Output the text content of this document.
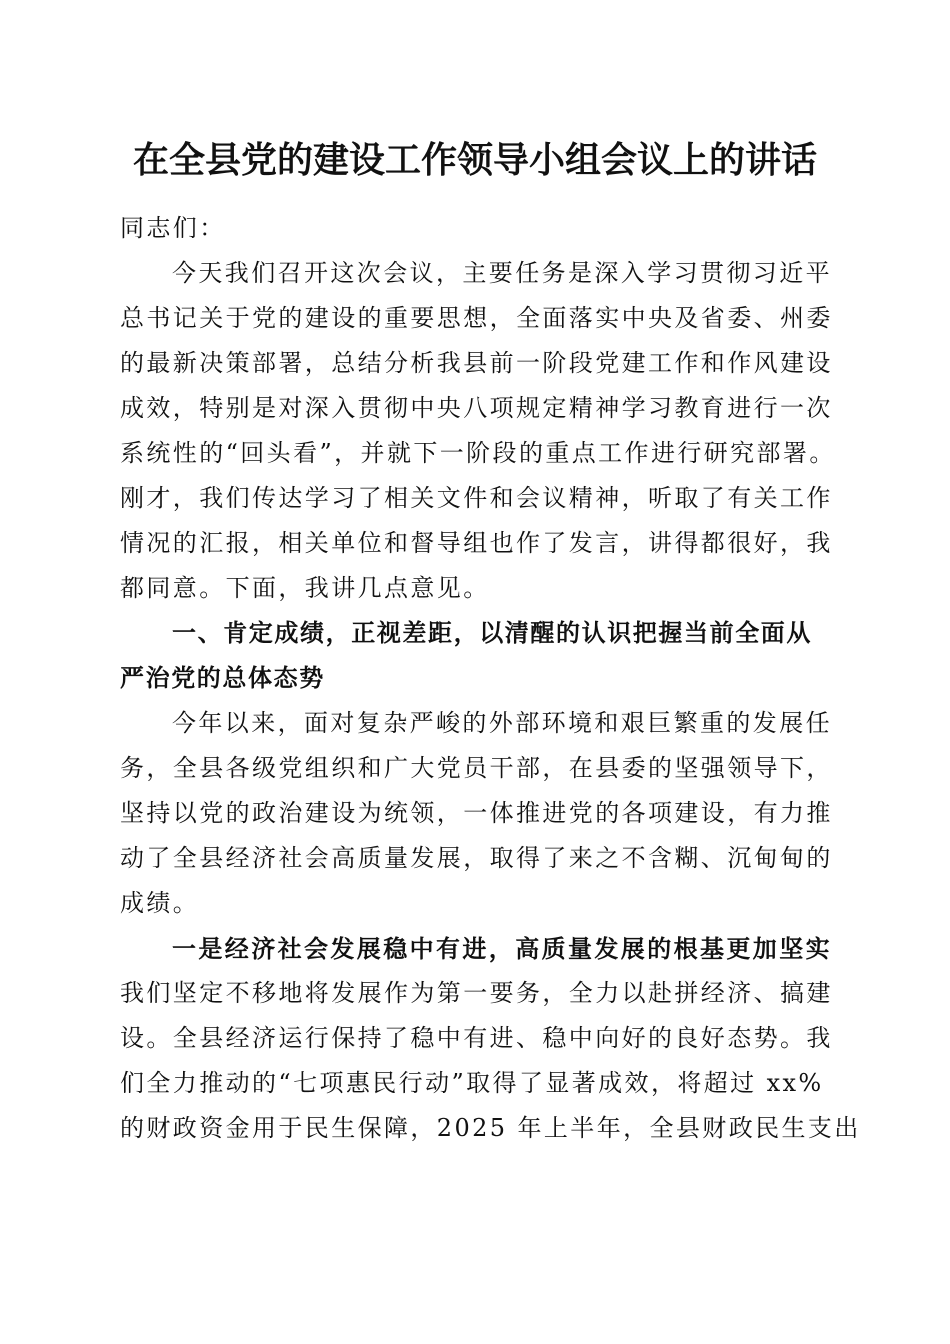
在全县党的建设工作领导小组会议上的讲话
同志们：
今天我们召开这次会议，主要任务是深入学习贯彻习近平
总书记关于党的建设的重要思想，全面落实中央及省委、州委
的最新决策部署，总结分析我县前一阶段党建工作和作风建设
成效，特别是对深入贯彻中央八项规定精神学习教育进行一次
系统性的“回头看”，并就下一阶段的重点工作进行研究部署。
刚才，我们传达学习了相关文件和会议精神，听取了有关工作
情况的汇报，相关单位和督导组也作了发言，讲得都很好，我
都同意。下面，我讲几点意见。
一、肯定成绩，正视差距，以清醒的认识把握当前全面从
严治党的总体态势
今年以来，面对复杂严峻的外部环境和艰巨繁重的发展任
务，全县各级党组织和广大党员干部，在县委的坚强领导下，
坚持以党的政治建设为统领，一体推进党的各项建设，有力推
动了全县经济社会高质量发展，取得了来之不含糊、沉甸甸的
成绩。
一是经济社会发展稳中有进，高质量发展的根基更加坚实
我们坚定不移地将发展作为第一要务，全力以赴拼经济、搞建
设。全县经济运行保持了稳中有进、稳中向好的良好态势。我
们全力推动的“七项惠民行动”取得了显著成效，将超过 xx%
的财政资金用于民生保障，2025 年上半年，全县财政民生支出
